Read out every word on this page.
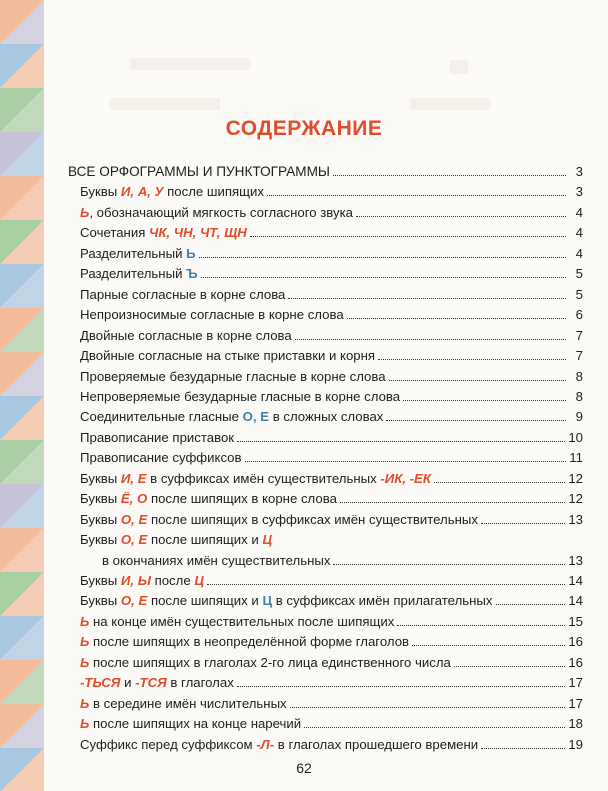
СОДЕРЖАНИЕ
ВСЕ ОРФОГРАММЫ И ПУНКТОГРАММЫ	3
Буквы И, А, У после шипящих	3
Ь, обозначающий мягкость согласного звука	4
Сочетания ЧК, ЧН, ЧТ, ЩН	4
Разделительный Ь	4
Разделительный Ъ	5
Парные согласные в корне слова	5
Непроизносимые согласные в корне слова	6
Двойные согласные в корне слова	7
Двойные согласные на стыке приставки и корня	7
Проверяемые безударные гласные в корне слова	8
Непроверяемые безударные гласные в корне слова	8
Соединительные гласные О, Е в сложных словах	9
Правописание приставок	10
Правописание суффиксов	11
Буквы И, Е в суффиксах имён существительных -ИК, -ЕК	12
Буквы Ё, О после шипящих в корне слова	12
Буквы О, Е после шипящих в суффиксах имён существительных	13
Буквы О, Е после шипящих и Ц
в окончаниях имён существительных	13
Буквы И, Ы после Ц	14
Буквы О, Е после шипящих и Ц в суффиксах имён прилагательных	14
Ь на конце имён существительных после шипящих	15
Ь после шипящих в неопределённой форме глаголов	16
Ь после шипящих в глаголах 2-го лица единственного числа	16
-ТЬСЯ и -ТСЯ в глаголах	17
Ь в середине имён числительных	17
Ь после шипящих на конце наречий	18
Суффикс перед суффиксом -Л- в глаголах прошедшего времени	19
62
